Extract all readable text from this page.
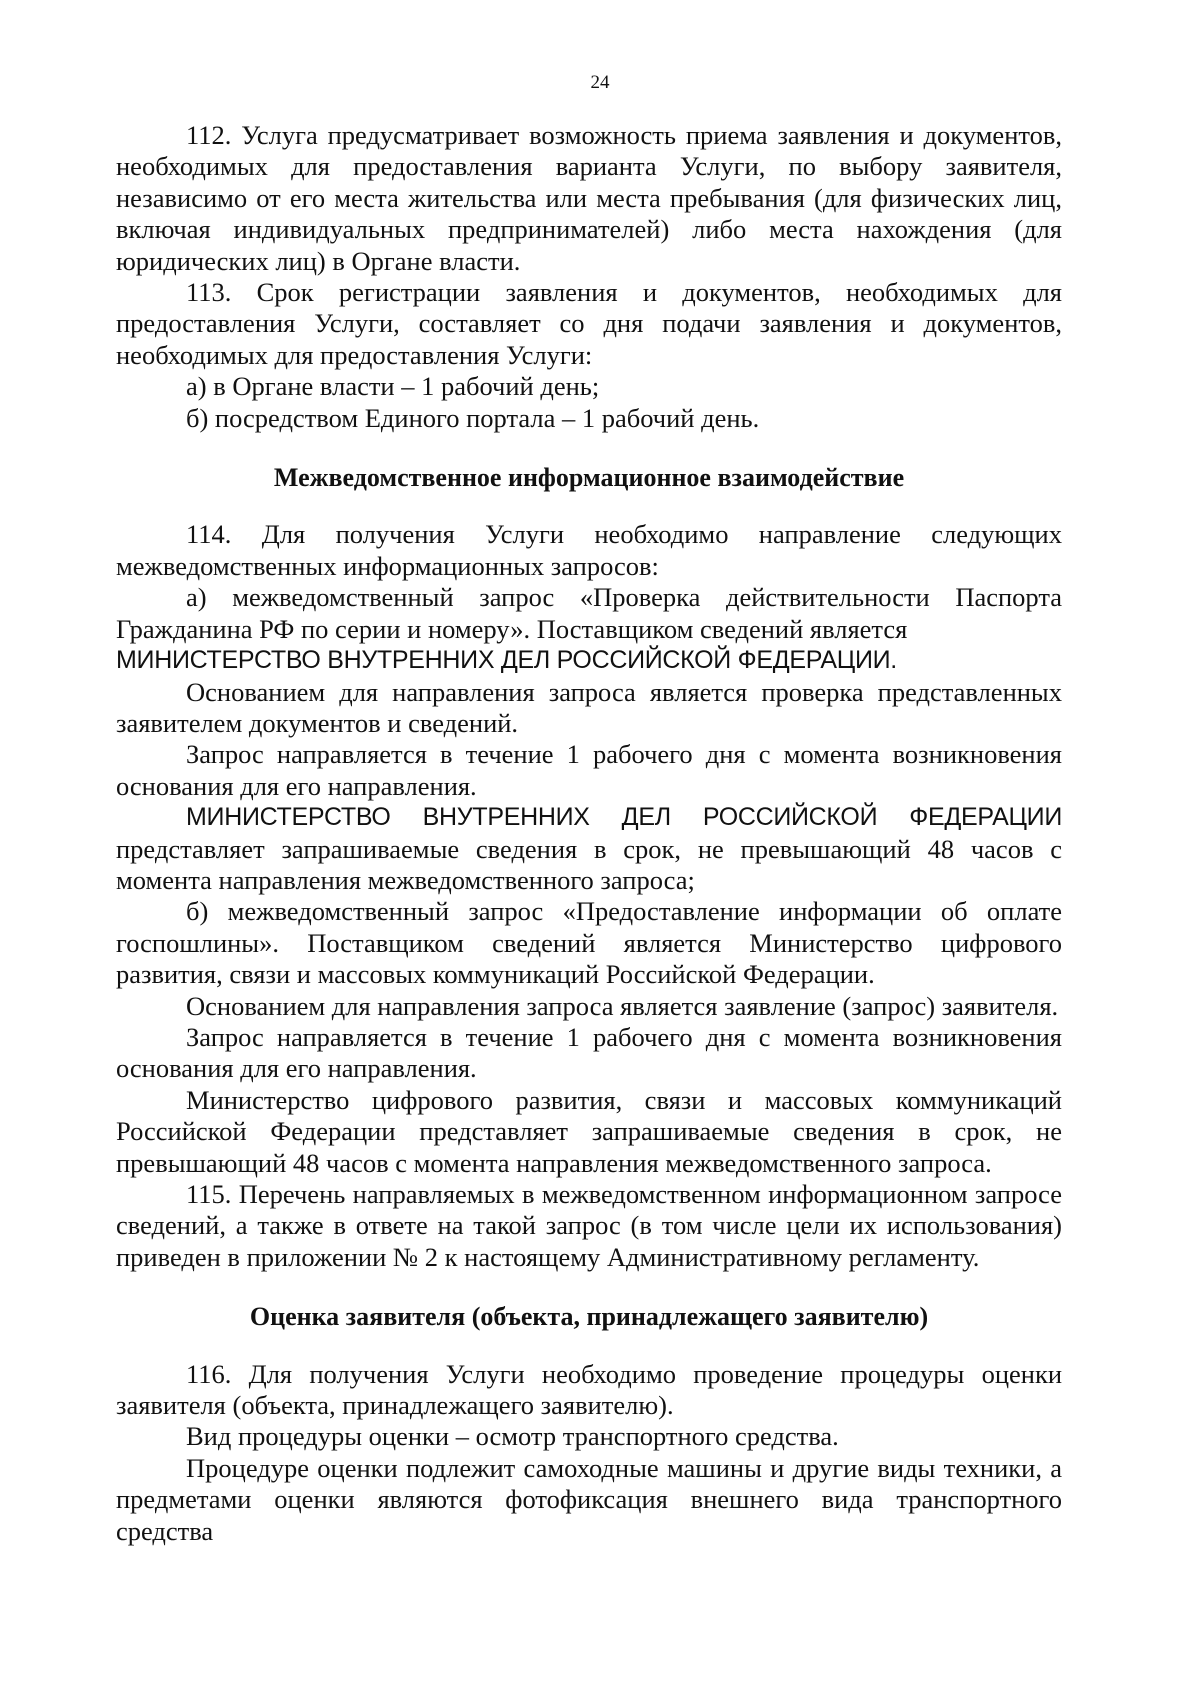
24

112. Услуга предусматривает возможность приема заявления и документов, необходимых для предоставления варианта Услуги, по выбору заявителя, независимо от его места жительства или места пребывания (для физических лиц, включая индивидуальных предпринимателей) либо места нахождения (для юридических лиц) в Органе власти.

113. Срок регистрации заявления и документов, необходимых для предоставления Услуги, составляет со дня подачи заявления и документов, необходимых для предоставления Услуги:

а) в Органе власти – 1 рабочий день;

б) посредством Единого портала – 1 рабочий день.

Межведомственное информационное взаимодействие

114. Для получения Услуги необходимо направление следующих межведомственных информационных запросов:

а) межведомственный запрос «Проверка действительности Паспорта Гражданина РФ по серии и номеру». Поставщиком сведений является

МИНИСТЕРСТВО ВНУТРЕННИХ ДЕЛ РОССИЙСКОЙ ФЕДЕРАЦИИ.

Основанием для направления запроса является проверка представленных заявителем документов и сведений.

Запрос направляется в течение 1 рабочего дня с момента возникновения основания для его направления.

МИНИСТЕРСТВО ВНУТРЕННИХ ДЕЛ РОССИЙСКОЙ ФЕДЕРАЦИИ

представляет запрашиваемые сведения в срок, не превышающий 48 часов с момента направления межведомственного запроса;

б) межведомственный запрос «Предоставление информации об оплате госпошлины». Поставщиком сведений является Министерство цифрового развития, связи и массовых коммуникаций Российской Федерации.

Основанием для направления запроса является заявление (запрос) заявителя.

Запрос направляется в течение 1 рабочего дня с момента возникновения основания для его направления.

Министерство цифрового развития, связи и массовых коммуникаций Российской Федерации представляет запрашиваемые сведения в срок, не превышающий 48 часов с момента направления межведомственного запроса.

115. Перечень направляемых в межведомственном информационном запросе сведений, а также в ответе на такой запрос (в том числе цели их использования) приведен в приложении № 2 к настоящему Административному регламенту.

Оценка заявителя (объекта, принадлежащего заявителю)

116. Для получения Услуги необходимо проведение процедуры оценки заявителя (объекта, принадлежащего заявителю).

Вид процедуры оценки – осмотр транспортного средства.

Процедуре оценки подлежит самоходные машины и другие виды техники, а предметами оценки являются фотофиксация внешнего вида транспортного средства
